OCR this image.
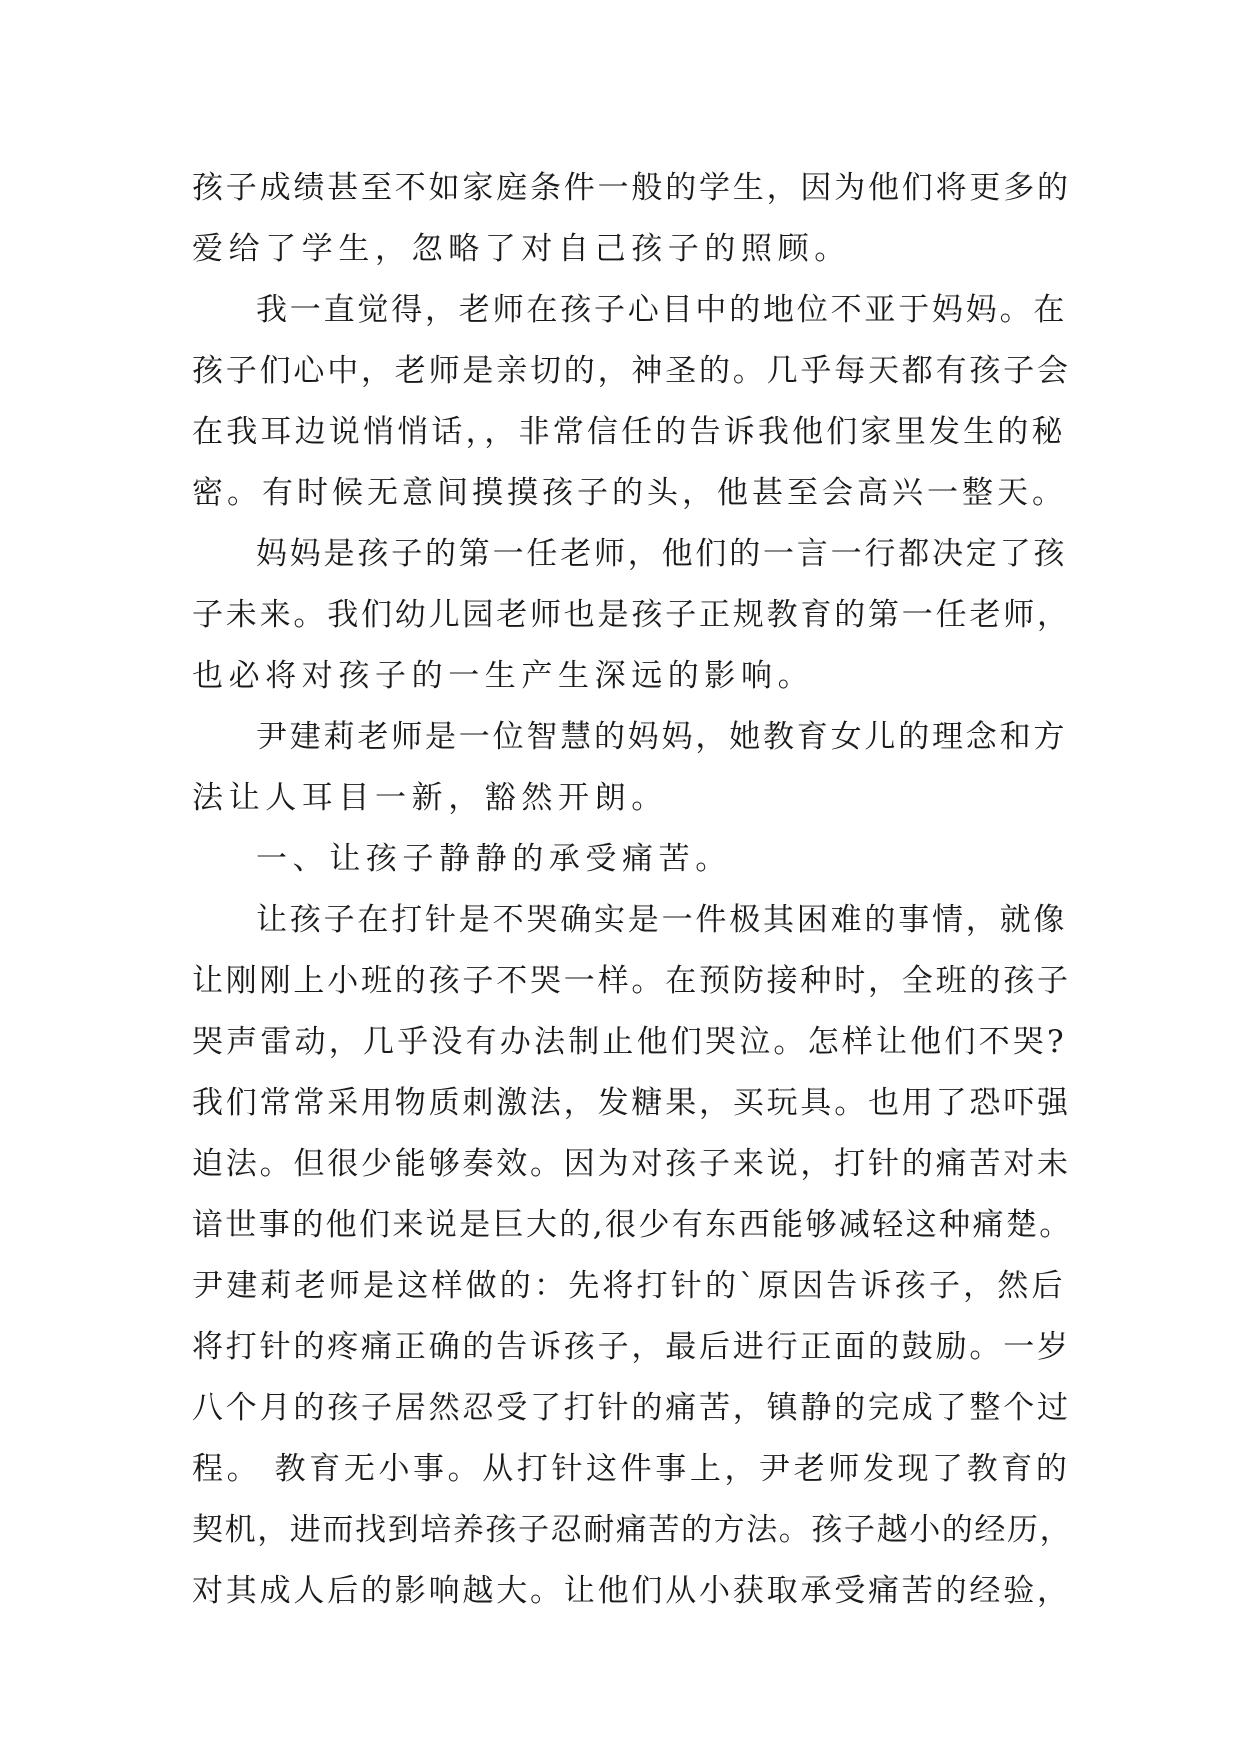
孩子成绩甚至不如家庭条件一般的学生，因为他们将更多的
爱给了学生，忽略了对自己孩子的照顾。
我一直觉得，老师在孩子心目中的地位不亚于妈妈。在
孩子们心中，老师是亲切的，神圣的。几乎每天都有孩子会
在我耳边说悄悄话，，非常信任的告诉我他们家里发生的秘
密。有时候无意间摸摸孩子的头，他甚至会高兴一整天。
妈妈是孩子的第一任老师，他们的一言一行都决定了孩
子未来。我们幼儿园老师也是孩子正规教育的第一任老师，
也必将对孩子的一生产生深远的影响。
尹建莉老师是一位智慧的妈妈，她教育女儿的理念和方
法让人耳目一新，豁然开朗。
一、让孩子静静的承受痛苦。
让孩子在打针是不哭确实是一件极其困难的事情，就像
让刚刚上小班的孩子不哭一样。在预防接种时，全班的孩子
哭声雷动，几乎没有办法制止他们哭泣。怎样让他们不哭?
我们常常采用物质刺激法，发糖果，买玩具。也用了恐吓强
迫法。但很少能够奏效。因为对孩子来说，打针的痛苦对未
谙世事的他们来说是巨大的,很少有东西能够减轻这种痛楚。
尹建莉老师是这样做的：先将打针的`原因告诉孩子，然后
将打针的疼痛正确的告诉孩子，最后进行正面的鼓励。一岁
八个月的孩子居然忍受了打针的痛苦，镇静的完成了整个过
程。 教育无小事。从打针这件事上，尹老师发现了教育的
契机，进而找到培养孩子忍耐痛苦的方法。孩子越小的经历，
对其成人后的影响越大。让他们从小获取承受痛苦的经验，
